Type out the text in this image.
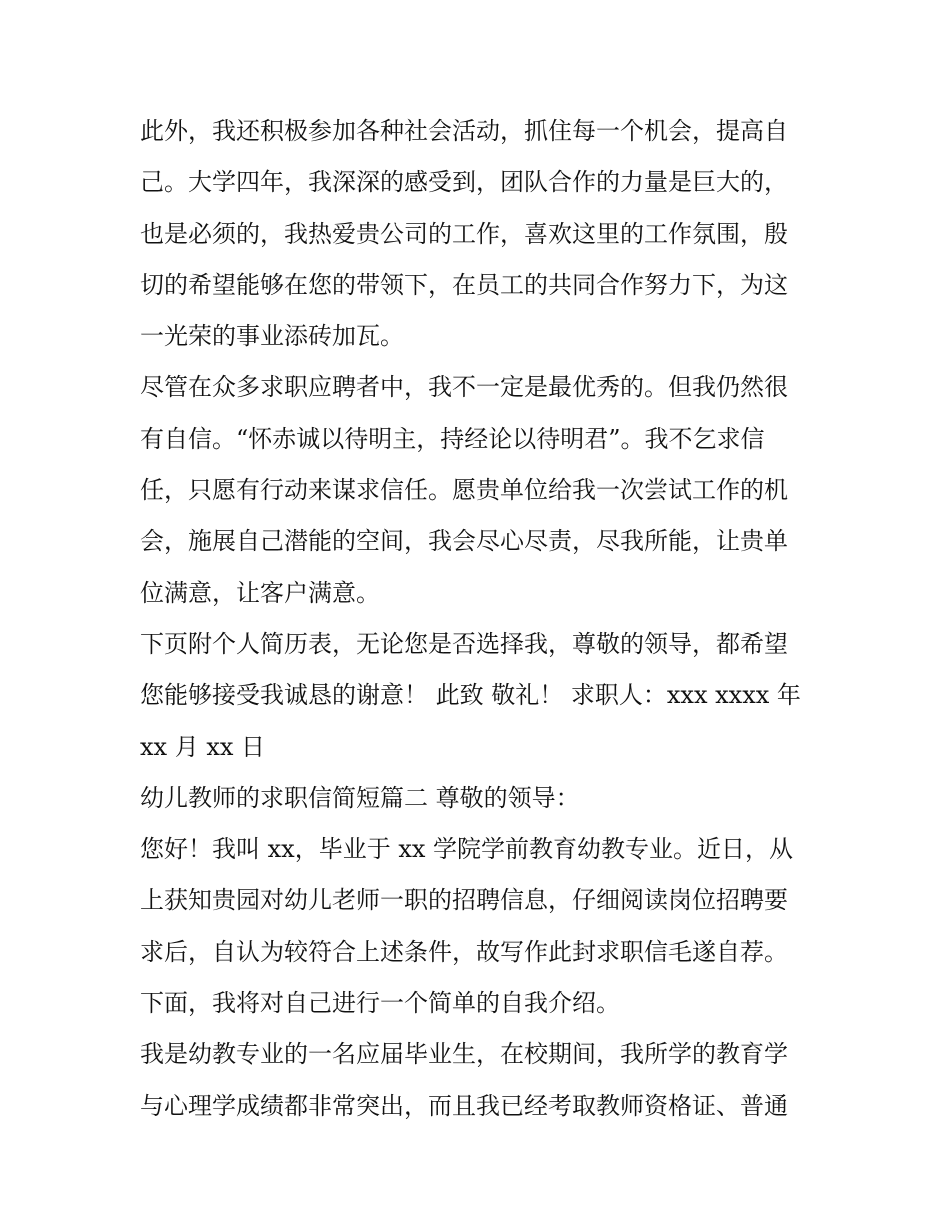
此外，我还积极参加各种社会活动，抓住每一个机会，提高自
己。大学四年，我深深的感受到，团队合作的力量是巨大的，
也是必须的，我热爱贵公司的工作，喜欢这里的工作氛围，殷
切的希望能够在您的带领下，在员工的共同合作努力下，为这
一光荣的事业添砖加瓦。
尽管在众多求职应聘者中，我不一定是最优秀的。但我仍然很
有自信。“怀赤诚以待明主，持经论以待明君”。我不乞求信
任，只愿有行动来谋求信任。愿贵单位给我一次尝试工作的机
会，施展自己潜能的空间，我会尽心尽责，尽我所能，让贵单
位满意，让客户满意。
下页附个人简历表，无论您是否选择我，尊敬的领导，都希望
您能够接受我诚恳的谢意！ 此致 敬礼！ 求职人：xxx xxxx 年
xx 月 xx 日
幼儿教师的求职信简短篇二 尊敬的领导：
您好！我叫 xx，毕业于 xx 学院学前教育幼教专业。近日，从
上获知贵园对幼儿老师一职的招聘信息，仔细阅读岗位招聘要
求后，自认为较符合上述条件，故写作此封求职信毛遂自荐。
下面，我将对自己进行一个简单的自我介绍。
我是幼教专业的一名应届毕业生，在校期间，我所学的教育学
与心理学成绩都非常突出，而且我已经考取教师资格证、普通
